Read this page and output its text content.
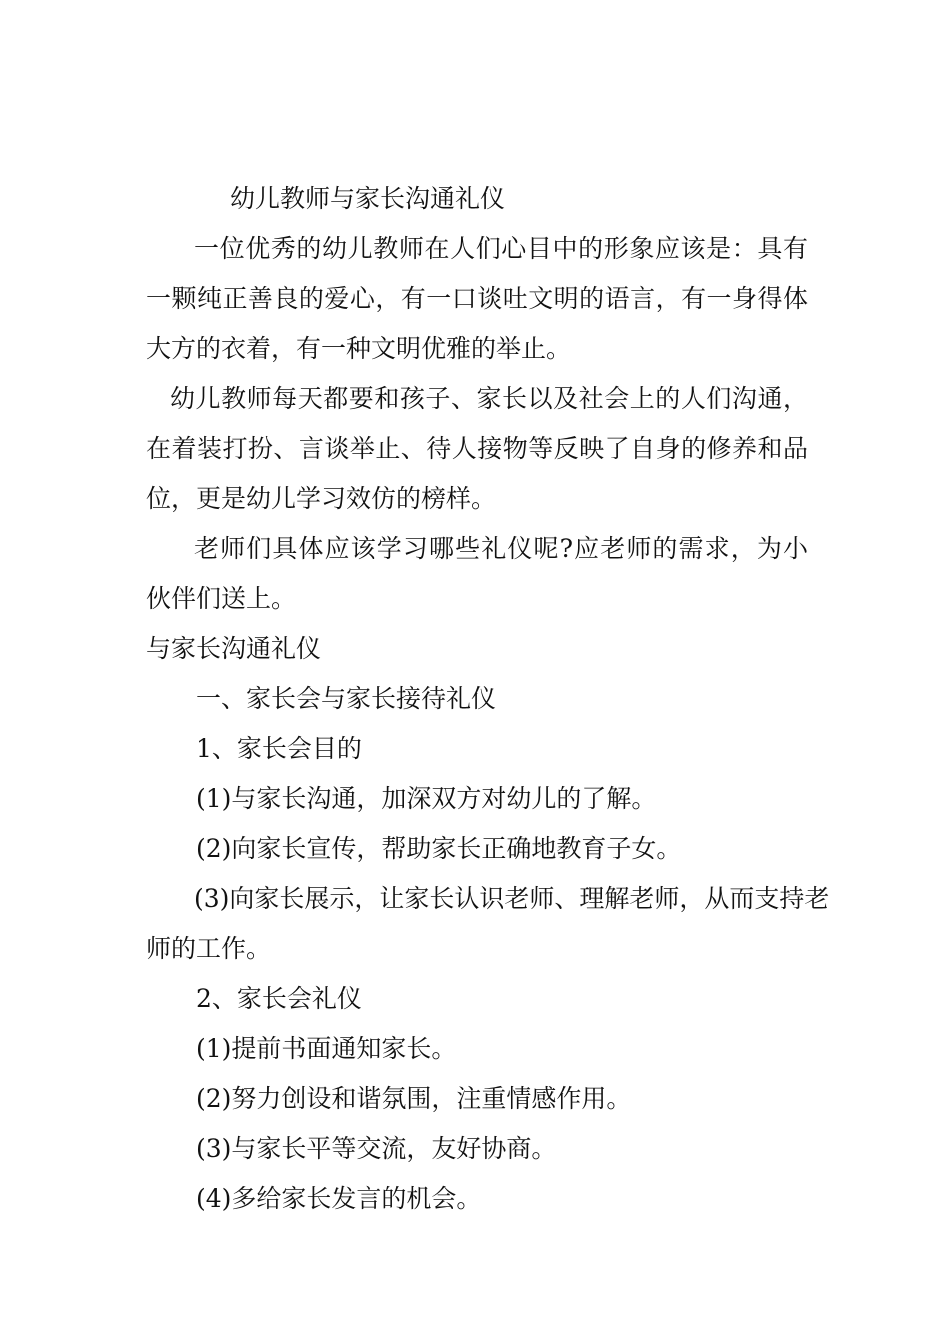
幼儿教师与家长沟通礼仪
一位优秀的幼儿教师在人们心目中的形象应该是：具有
一颗纯正善良的爱心，有一口谈吐文明的语言，有一身得体
大方的衣着，有一种文明优雅的举止。
幼儿教师每天都要和孩子、家长以及社会上的人们沟通，
在着装打扮、言谈举止、待人接物等反映了自身的修养和品
位，更是幼儿学习效仿的榜样。
老师们具体应该学习哪些礼仪呢?应老师的需求，为小
伙伴们送上。
与家长沟通礼仪
一、家长会与家长接待礼仪
1、家长会目的
(1)与家长沟通，加深双方对幼儿的了解。
(2)向家长宣传，帮助家长正确地教育子女。
(3)向家长展示，让家长认识老师、理解老师，从而支持老
师的工作。
2、家长会礼仪
(1)提前书面通知家长。
(2)努力创设和谐氛围，注重情感作用。
(3)与家长平等交流，友好协商。
(4)多给家长发言的机会。
